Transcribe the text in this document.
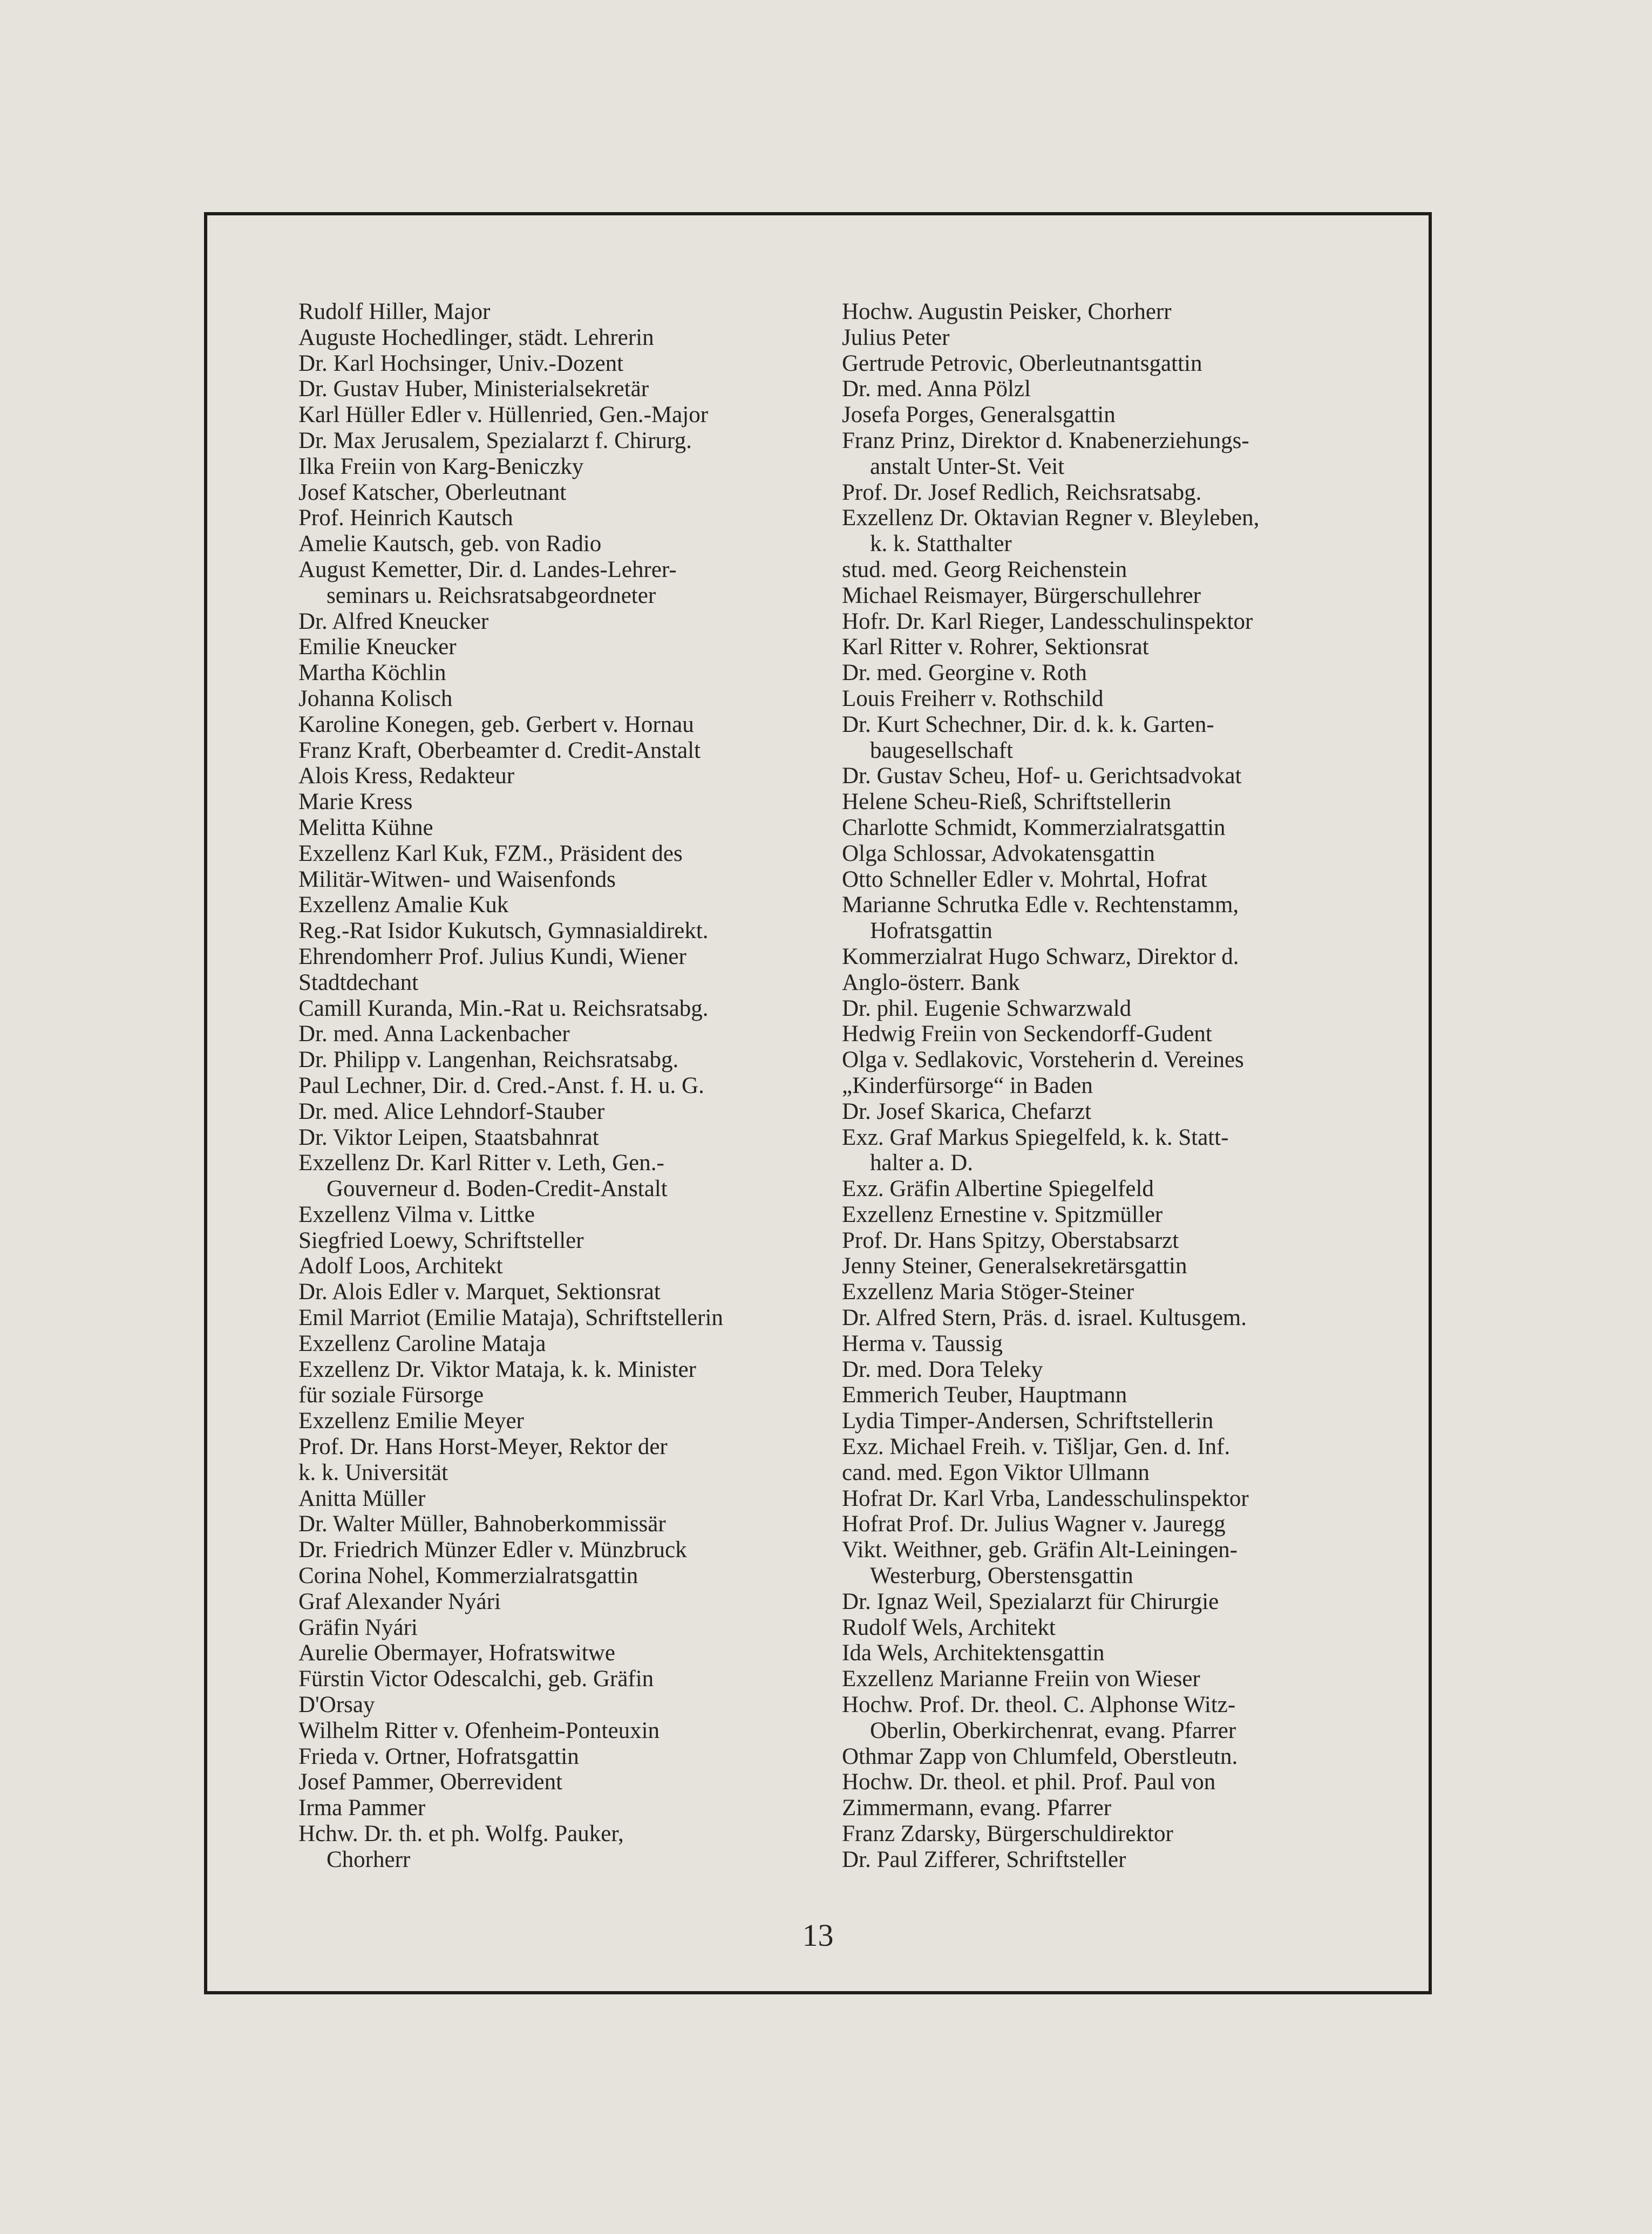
Rudolf Hiller, Major
Auguste Hochedlinger, städt. Lehrerin
Dr. Karl Hochsinger, Univ.-Dozent
Dr. Gustav Huber, Ministerialsekretär
Karl Hüller Edler v. Hüllenried, Gen.-Major
Dr. Max Jerusalem, Spezialarzt f. Chirurg.
Ilka Freiin von Karg-Beniczky
Josef Katscher, Oberleutnant
Prof. Heinrich Kautsch
Amelie Kautsch, geb. von Radio
August Kemetter, Dir. d. Landes-Lehrer-
seminars u. Reichsratsabgeordneter
Dr. Alfred Kneucker
Emilie Kneucker
Martha Köchlin
Johanna Kolisch
Karoline Konegen, geb. Gerbert v. Hornau
Franz Kraft, Oberbeamter d. Credit-Anstalt
Alois Kress, Redakteur
Marie Kress
Melitta Kühne
Exzellenz Karl Kuk, FZM., Präsident des
Militär-Witwen- und Waisenfonds
Exzellenz Amalie Kuk
Reg.-Rat Isidor Kukutsch, Gymnasialdirekt.
Ehrendomherr Prof. Julius Kundi, Wiener
Stadtdechant
Camill Kuranda, Min.-Rat u. Reichsratsabg.
Dr. med. Anna Lackenbacher
Dr. Philipp v. Langenhan, Reichsratsabg.
Paul Lechner, Dir. d. Cred.-Anst. f. H. u. G.
Dr. med. Alice Lehndorf-Stauber
Dr. Viktor Leipen, Staatsbahnrat
Exzellenz Dr. Karl Ritter v. Leth, Gen.-
Gouverneur d. Boden-Credit-Anstalt
Exzellenz Vilma v. Littke
Siegfried Loewy, Schriftsteller
Adolf Loos, Architekt
Dr. Alois Edler v. Marquet, Sektionsrat
Emil Marriot (Emilie Mataja), Schriftstellerin
Exzellenz Caroline Mataja
Exzellenz Dr. Viktor Mataja, k. k. Minister
für soziale Fürsorge
Exzellenz Emilie Meyer
Prof. Dr. Hans Horst-Meyer, Rektor der
k. k. Universität
Anitta Müller
Dr. Walter Müller, Bahnoberkommissär
Dr. Friedrich Münzer Edler v. Münzbruck
Corina Nohel, Kommerzialratsgattin
Graf Alexander Nyári
Gräfin Nyári
Aurelie Obermayer, Hofratswitwe
Fürstin Victor Odescalchi, geb. Gräfin
D'Orsay
Wilhelm Ritter v. Ofenheim-Ponteuxin
Frieda v. Ortner, Hofratsgattin
Josef Pammer, Oberrevident
Irma Pammer
Hchw. Dr. th. et ph. Wolfg. Pauker,
Chorherr
Hochw. Augustin Peisker, Chorherr
Julius Peter
Gertrude Petrovic, Oberleutnantsgattin
Dr. med. Anna Pölzl
Josefa Porges, Generalsgattin
Franz Prinz, Direktor d. Knabenerziehungs-
anstalt Unter-St. Veit
Prof. Dr. Josef Redlich, Reichsratsabg.
Exzellenz Dr. Oktavian Regner v. Bleyleben,
k. k. Statthalter
stud. med. Georg Reichenstein
Michael Reismayer, Bürgerschullehrer
Hofr. Dr. Karl Rieger, Landesschulinspektor
Karl Ritter v. Rohrer, Sektionsrat
Dr. med. Georgine v. Roth
Louis Freiherr v. Rothschild
Dr. Kurt Schechner, Dir. d. k. k. Garten-
baugesellschaft
Dr. Gustav Scheu, Hof- u. Gerichtsadvokat
Helene Scheu-Rieß, Schriftstellerin
Charlotte Schmidt, Kommerzialratsgattin
Olga Schlossar, Advokatensgattin
Otto Schneller Edler v. Mohrtal, Hofrat
Marianne Schrutka Edle v. Rechtenstamm,
Hofratsgattin
Kommerzialrat Hugo Schwarz, Direktor d.
Anglo-österr. Bank
Dr. phil. Eugenie Schwarzwald
Hedwig Freiin von Seckendorff-Gudent
Olga v. Sedlakovic, Vorsteherin d. Vereines
„Kinderfürsorge“ in Baden
Dr. Josef Skarica, Chefarzt
Exz. Graf Markus Spiegelfeld, k. k. Statt-
halter a. D.
Exz. Gräfin Albertine Spiegelfeld
Exzellenz Ernestine v. Spitzmüller
Prof. Dr. Hans Spitzy, Oberstabsarzt
Jenny Steiner, Generalsekretärsgattin
Exzellenz Maria Stöger-Steiner
Dr. Alfred Stern, Präs. d. israel. Kultusgem.
Herma v. Taussig
Dr. med. Dora Teleky
Emmerich Teuber, Hauptmann
Lydia Timper-Andersen, Schriftstellerin
Exz. Michael Freih. v. Tišljar, Gen. d. Inf.
cand. med. Egon Viktor Ullmann
Hofrat Dr. Karl Vrba, Landesschulinspektor
Hofrat Prof. Dr. Julius Wagner v. Jauregg
Vikt. Weithner, geb. Gräfin Alt-Leiningen-
Westerburg, Oberstensgattin
Dr. Ignaz Weil, Spezialarzt für Chirurgie
Rudolf Wels, Architekt
Ida Wels, Architektensgattin
Exzellenz Marianne Freiin von Wieser
Hochw. Prof. Dr. theol. C. Alphonse Witz-
Oberlin, Oberkirchenrat, evang. Pfarrer
Othmar Zapp von Chlumfeld, Oberstleutn.
Hochw. Dr. theol. et phil. Prof. Paul von
Zimmermann, evang. Pfarrer
Franz Zdarsky, Bürgerschuldirektor
Dr. Paul Zifferer, Schriftsteller
13
